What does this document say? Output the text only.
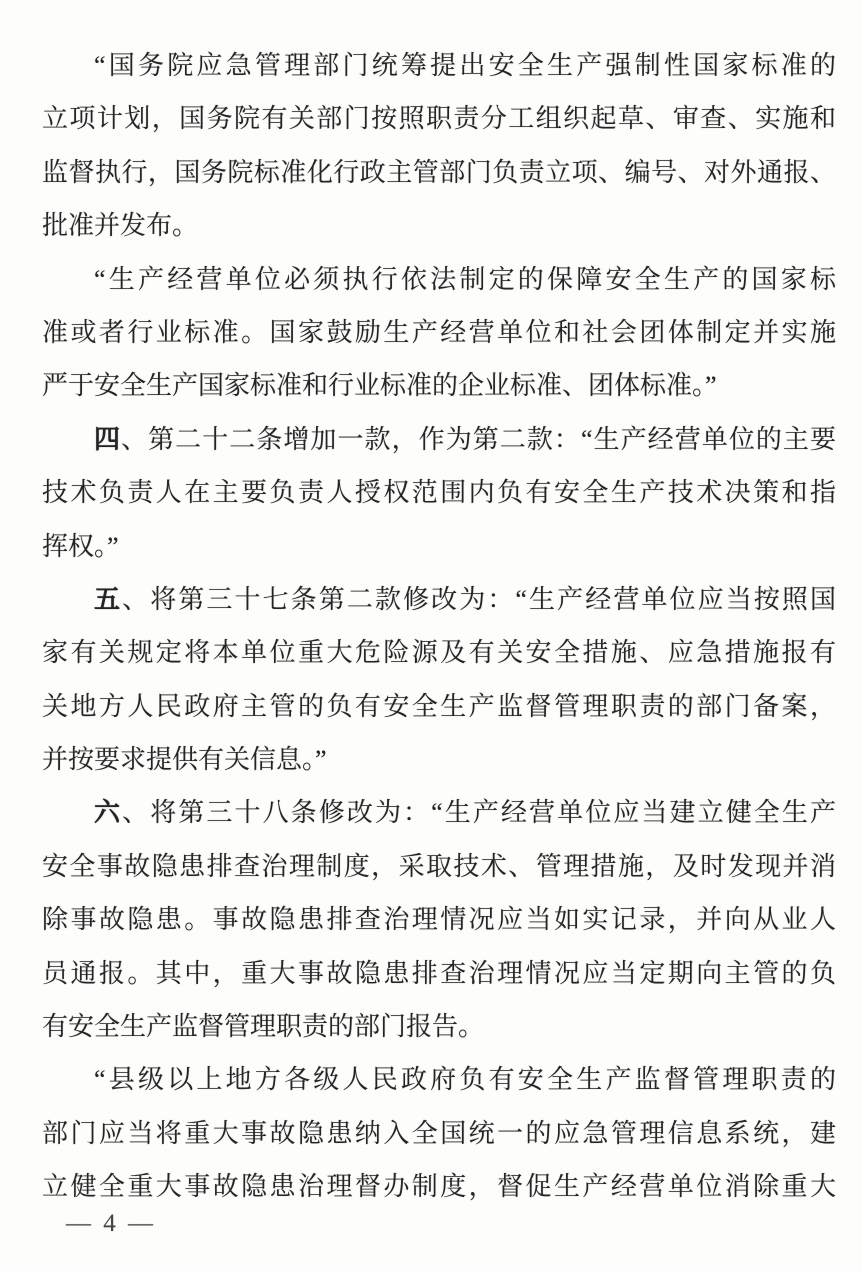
“国务院应急管理部门统筹提出安全生产强制性国家标准的
立项计划，国务院有关部门按照职责分工组织起草、审查、实施和
监督执行，国务院标准化行政主管部门负责立项、编号、对外通报、
批准并发布。
“生产经营单位必须执行依法制定的保障安全生产的国家标
准或者行业标准。国家鼓励生产经营单位和社会团体制定并实施
严于安全生产国家标准和行业标准的企业标准、团体标准。”
四、第二十二条增加一款，作为第二款：“生产经营单位的主要
技术负责人在主要负责人授权范围内负有安全生产技术决策和指
挥权。”
五、将第三十七条第二款修改为：“生产经营单位应当按照国
家有关规定将本单位重大危险源及有关安全措施、应急措施报有
关地方人民政府主管的负有安全生产监督管理职责的部门备案，
并按要求提供有关信息。”
六、将第三十八条修改为：“生产经营单位应当建立健全生产
安全事故隐患排查治理制度，采取技术、管理措施，及时发现并消
除事故隐患。事故隐患排查治理情况应当如实记录，并向从业人
员通报。其中，重大事故隐患排查治理情况应当定期向主管的负
有安全生产监督管理职责的部门报告。
“县级以上地方各级人民政府负有安全生产监督管理职责的
部门应当将重大事故隐患纳入全国统一的应急管理信息系统，建
立健全重大事故隐患治理督办制度，督促生产经营单位消除重大
— 4 —
